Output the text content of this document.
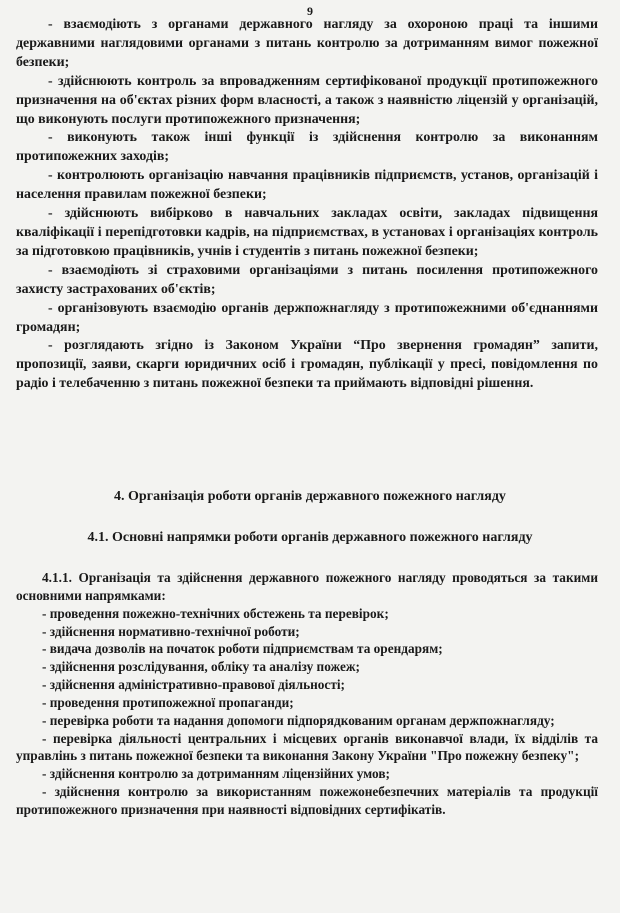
9

- взаємодіють з органами державного нагляду за охороною праці та іншими державними наглядовими органами з питань контролю за дотриманням вимог пожежної безпеки;

- здійснюють контроль за впровадженням сертифікованої продукції протипожежного призначення на об'єктах різних форм власності, а також з наявністю ліцензій у організацій, що виконують послуги протипожежного призначення;

- виконують також інші функції із здійснення контролю за виконанням протипожежних заходів;

- контролюють організацію навчання працівників підприємств, установ, організацій і населення правилам пожежної безпеки;

- здійснюють вибірково в навчальних закладах освіти, закладах підвищення кваліфікації і перепідготовки кадрів, на підприємствах, в установах і організаціях контроль за підготовкою працівників, учнів і студентів з питань пожежної безпеки;

- взаємодіють зі страховими організаціями з питань посилення протипожежного захисту застрахованих об'єктів;

- організовують взаємодію органів держпожнагляду з протипожежними об'єднаннями громадян;

- розглядають згідно із Законом України “Про звернення громадян” запити, пропозиції, заяви, скарги юридичних осіб і громадян, публікації у пресі, повідомлення по радіо і телебаченню з питань пожежної безпеки та приймають відповідні рішення.

4. Організація роботи органів державного пожежного нагляду
4.1. Основні напрямки роботи органів державного пожежного нагляду

4.1.1. Організація та здійснення державного пожежного нагляду проводяться за такими основними напрямками:

- проведення пожежно-технічних обстежень та перевірок;

- здійснення нормативно-технічної роботи;

- видача дозволів на початок роботи підприємствам та орендарям;

- здійснення розслідування, обліку та аналізу пожеж;

- здійснення адміністративно-правової діяльності;

- проведення протипожежної пропаганди;

- перевірка роботи та надання допомоги підпорядкованим органам держпожнагляду;

- перевірка діяльності центральних і місцевих органів виконавчої влади, їх відділів та управлінь з питань пожежної безпеки та виконання Закону України "Про пожежну безпеку";

- здійснення контролю за дотриманням ліцензійних умов;

- здійснення контролю за використанням пожежонебезпечних матеріалів та продукції протипожежного призначення при наявності відповідних сертифікатів.
